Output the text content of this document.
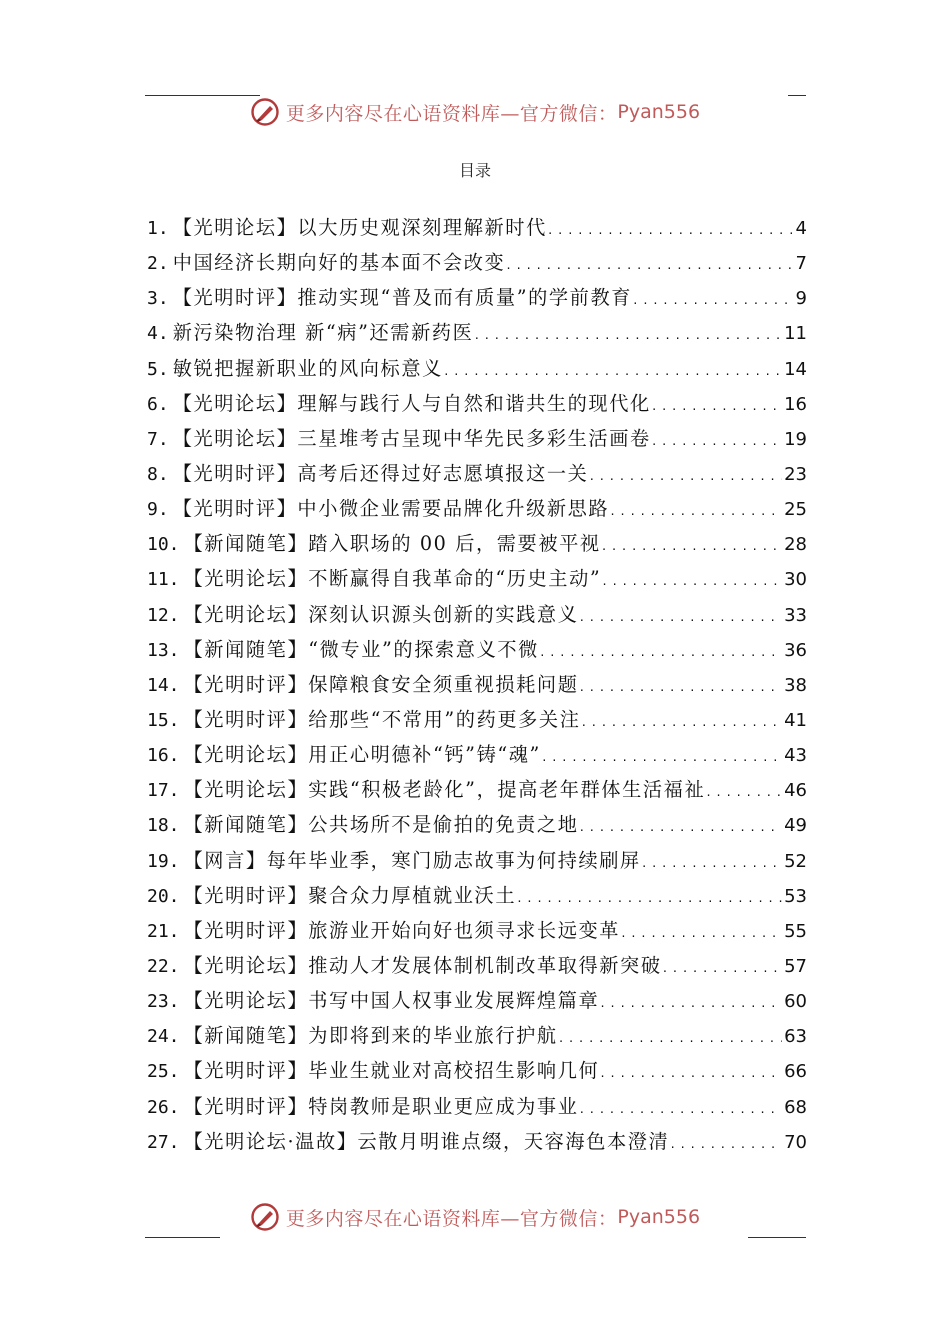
更多内容尽在心语资料库—官方微信： Pyan556
目录
1. 【光明论坛】以大历史观深刻理解新时代 . . .	4
2. 中国经济长期向好的基本面不会改变 . . .	7
3. 【光明时评】推动实现“普及而有质量”的学前教育 . . .	9
4. 新污染物治理 新“病”还需新药医 . . .	11
5. 敏锐把握新职业的风向标意义 . . .	14
6. 【光明论坛】理解与践行人与自然和谐共生的现代化 . . .	16
7. 【光明论坛】三星堆考古呈现中华先民多彩生活画卷 . . .	19
8. 【光明时评】高考后还得过好志愿填报这一关 . . .	23
9. 【光明时评】中小微企业需要品牌化升级新思路 . . .	25
10. 【新闻随笔】踏入职场的 00 后，需要被平视 . . .	28
11. 【光明论坛】不断赢得自我革命的“历史主动” . . .	30
12. 【光明论坛】深刻认识源头创新的实践意义 . . .	33
13. 【新闻随笔】“微专业”的探索意义不微 . . .	36
14. 【光明时评】保障粮食安全须重视损耗问题 . . .	38
15. 【光明时评】给那些“不常用”的药更多关注 . . .	41
16. 【光明论坛】用正心明德补“钙”铸“魂” . . .	43
17. 【光明论坛】实践“积极老龄化”，提高老年群体生活福祉 . . .	46
18. 【新闻随笔】公共场所不是偷拍的免责之地 . . .	49
19. 【网言】每年毕业季，寒门励志故事为何持续刷屏 . . .	52
20. 【光明时评】聚合众力厚植就业沃土 . . .	53
21. 【光明时评】旅游业开始向好也须寻求长远变革 . . .	55
22. 【光明论坛】推动人才发展体制机制改革取得新突破 . . .	57
23. 【光明论坛】书写中国人权事业发展辉煌篇章 . . .	60
24. 【新闻随笔】为即将到来的毕业旅行护航 . . .	63
25. 【光明时评】毕业生就业对高校招生影响几何 . . .	66
26. 【光明时评】特岗教师是职业更应成为事业 . . .	68
27. 【光明论坛·温故】云散月明谁点缀，天容海色本澄清 . . .	70
更多内容尽在心语资料库—官方微信： Pyan556
